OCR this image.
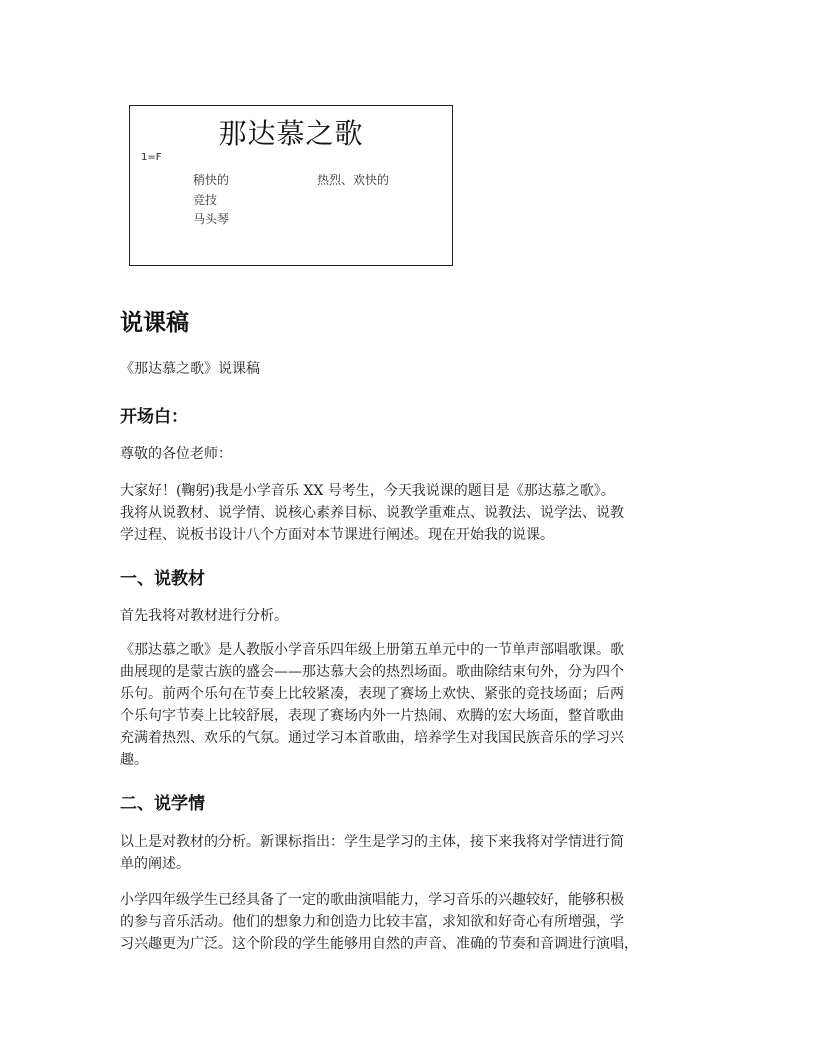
那达慕之歌
1=F
稍快的	热烈、欢快的
竞技
马头琴
说课稿
《那达慕之歌》说课稿
开场白：
尊敬的各位老师：
大家好！(鞠躬)我是小学音乐 XX 号考生，今天我说课的题目是《那达慕之歌》。
我将从说教材、说学情、说核心素养目标、说教学重难点、说教法、说学法、说教
学过程、说板书设计八个方面对本节课进行阐述。现在开始我的说课。
一、说教材
首先我将对教材进行分析。
《那达慕之歌》是人教版小学音乐四年级上册第五单元中的一节单声部唱歌课。歌
曲展现的是蒙古族的盛会——那达慕大会的热烈场面。歌曲除结束句外，分为四个
乐句。前两个乐句在节奏上比较紧凑，表现了赛场上欢快、紧张的竞技场面；后两
个乐句字节奏上比较舒展，表现了赛场内外一片热闹、欢腾的宏大场面，整首歌曲
充满着热烈、欢乐的气氛。通过学习本首歌曲，培养学生对我国民族音乐的学习兴
趣。
二、说学情
以上是对教材的分析。新课标指出：学生是学习的主体，接下来我将对学情进行简
单的阐述。
小学四年级学生已经具备了一定的歌曲演唱能力，学习音乐的兴趣较好，能够积极
的参与音乐活动。他们的想象力和创造力比较丰富，求知欲和好奇心有所增强，学
习兴趣更为广泛。这个阶段的学生能够用自然的声音、准确的节奏和音调进行演唱，
